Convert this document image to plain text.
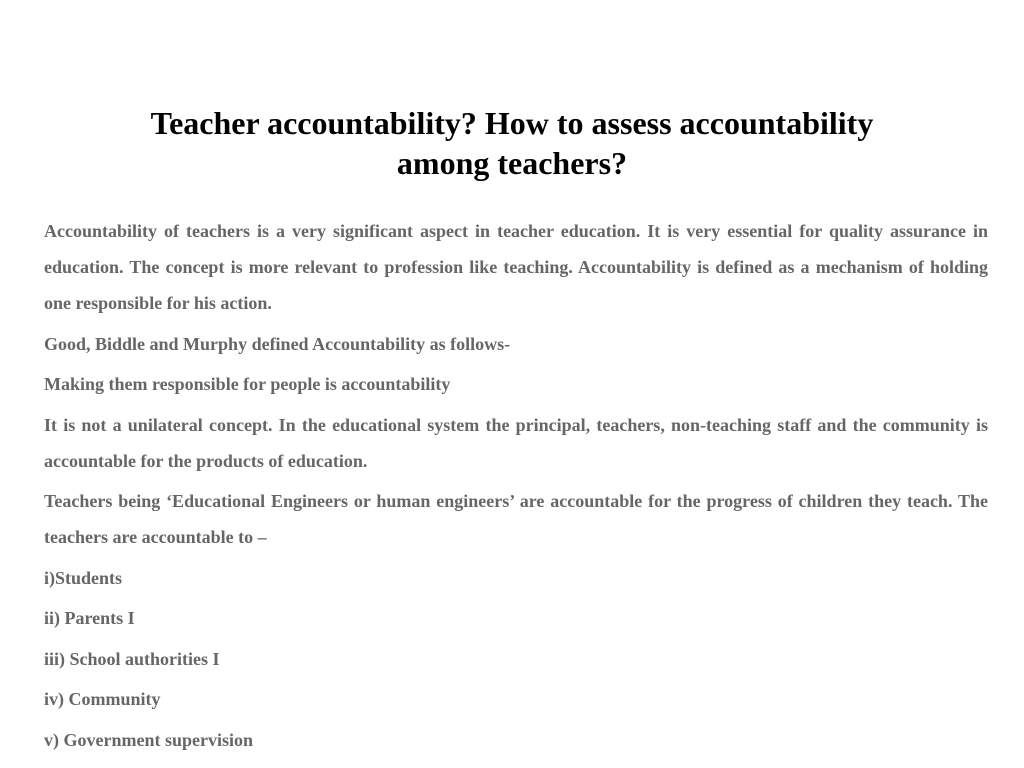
Teacher accountability? How to assess accountability
among teachers?

Accountability of teachers is a very significant aspect in teacher education. It is very essential for quality assurance in education. The concept is more relevant to profession like teaching. Accountability is defined as a mechanism of holding one responsible for his action.

Good, Biddle and Murphy defined Accountability as follows-

Making them responsible for people is accountability

It is not a unilateral concept. In the educational system the principal, teachers, non-teaching staff and the community is accountable for the products of education.

Teachers being ‘Educational Engineers or human engineers’ are accountable for the progress of children they teach. The teachers are accountable to –

i)Students

ii) Parents I

iii) School authorities I

iv) Community

v) Government supervision
